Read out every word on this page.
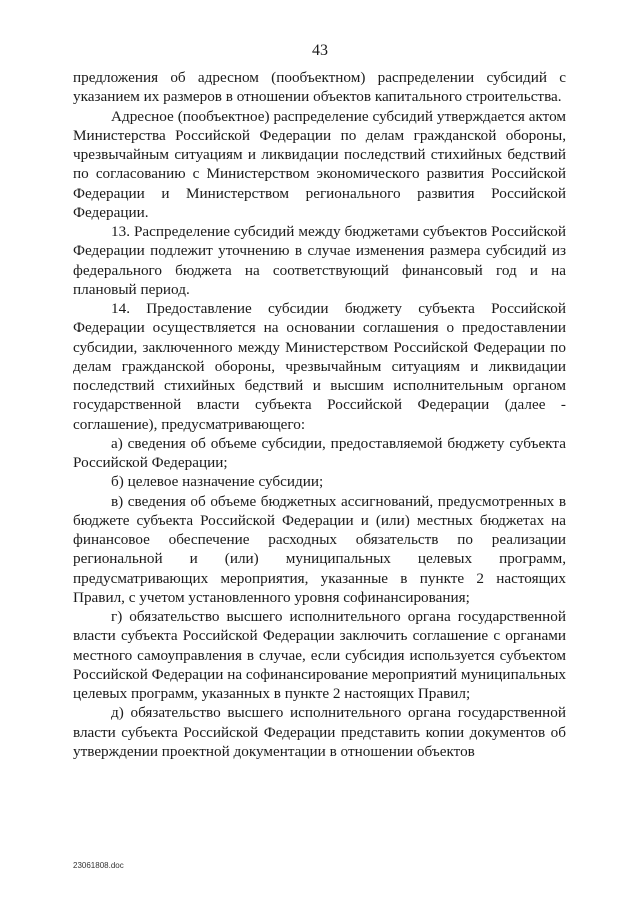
43

предложения об адресном (пообъектном) распределении субсидий с указанием их размеров в отношении объектов капитального строительства.

Адресное (пообъектное) распределение субсидий утверждается актом Министерства Российской Федерации по делам гражданской обороны, чрезвычайным ситуациям и ликвидации последствий стихийных бедствий по согласованию с Министерством экономического развития Российской Федерации и Министерством регионального развития Российской Федерации.

13. Распределение субсидий между бюджетами субъектов Российской Федерации подлежит уточнению в случае изменения размера субсидий из федерального бюджета на соответствующий финансовый год и на плановый период.

14. Предоставление субсидии бюджету субъекта Российской Федерации осуществляется на основании соглашения о предоставлении субсидии, заключенного между Министерством Российской Федерации по делам гражданской обороны, чрезвычайным ситуациям и ликвидации последствий стихийных бедствий и высшим исполнительным органом государственной власти субъекта Российской Федерации (далее - соглашение), предусматривающего:

а) сведения об объеме субсидии, предоставляемой бюджету субъекта Российской Федерации;

б) целевое назначение субсидии;

в) сведения об объеме бюджетных ассигнований, предусмотренных в бюджете субъекта Российской Федерации и (или) местных бюджетах на финансовое обеспечение расходных обязательств по реализации региональной и (или) муниципальных целевых программ, предусматривающих мероприятия, указанные в пункте 2 настоящих Правил, с учетом установленного уровня софинансирования;

г) обязательство высшего исполнительного органа государственной власти субъекта Российской Федерации заключить соглашение с органами местного самоуправления в случае, если субсидия используется субъектом Российской Федерации на софинансирование мероприятий муниципальных целевых программ, указанных в пункте 2 настоящих Правил;

д) обязательство высшего исполнительного органа государственной власти субъекта Российской Федерации представить копии документов об утверждении проектной документации в отношении объектов

23061808.doc
